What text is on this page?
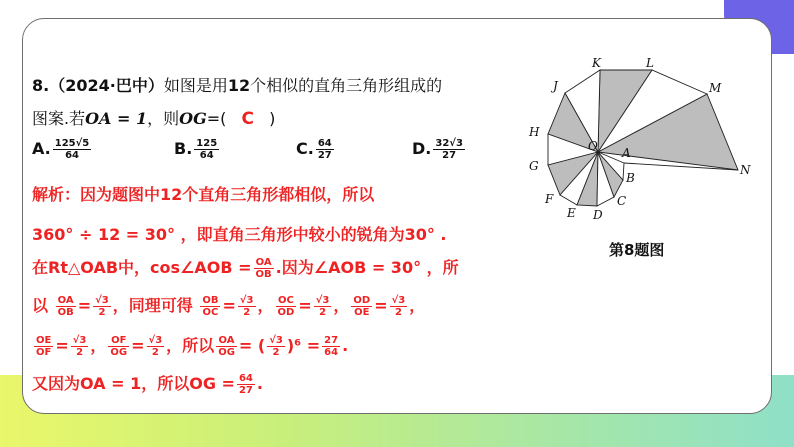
8.（2024·巴中）如图是用12个相似的直角三角形组成的
图案.若OA = 1，则OG=( C )
A. $\frac{125√5}{64}$	B. $\frac{125}{64}$	C. $\frac{64}{27}$	D. $\frac{32√3}{27}$
解析：因为题图中12个直角三角形都相似，所以
360° ÷ 12 = 30° ，即直角三角形中较小的锐角为30° .
在Rt△OAB中，cos∠AOB = $\frac{OA}{OB}$ .因为∠AOB = 30° ，所
以 $\frac{OA}{OB} = \frac{√3}{2}$ ，同理可得 $\frac{OB}{OC} = \frac{√3}{2}$ ， $\frac{OC}{OD} = \frac{√3}{2}$ ， $\frac{OD}{OE} = \frac{√3}{2}$ ，
$\frac{OE}{OF} = \frac{√3}{2}$ ， $\frac{OF}{OG} = \frac{√3}{2}$ ，所以 $\frac{OA}{OG}$ = ( $\frac{√3}{2} )^6 = \frac{27}{64}$ .
又因为OA = 1，所以OG = $\frac{64}{27}$ .
K	L
J	M
H
G
O A
B
C
D
E
F
N
第8题图
